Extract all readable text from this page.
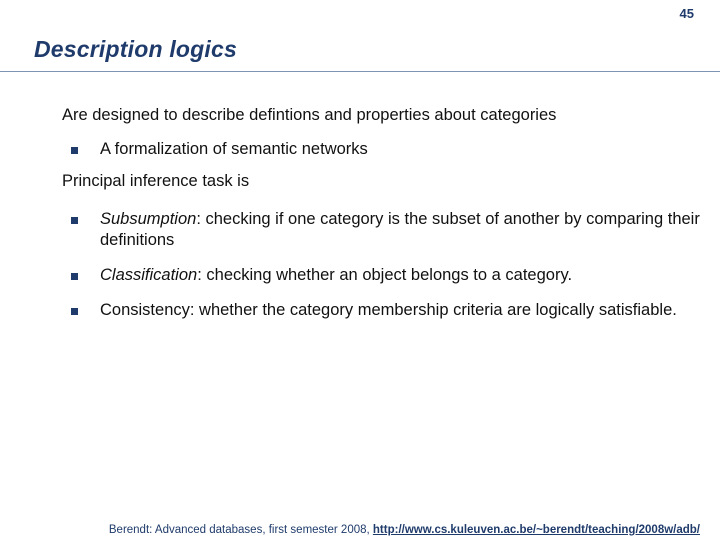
45
Description logics

Are designed to describe defintions and properties about categories

A formalization of semantic networks

Principal inference task is

Subsumption: checking if one category is the subset of another by comparing their definitions

Classification: checking whether an object belongs to a category.

Consistency: whether the category membership criteria are logically satisfiable.

Berendt: Advanced databases, first semester 2008, http://www.cs.kuleuven.ac.be/~berendt/teaching/2008w/adb/
